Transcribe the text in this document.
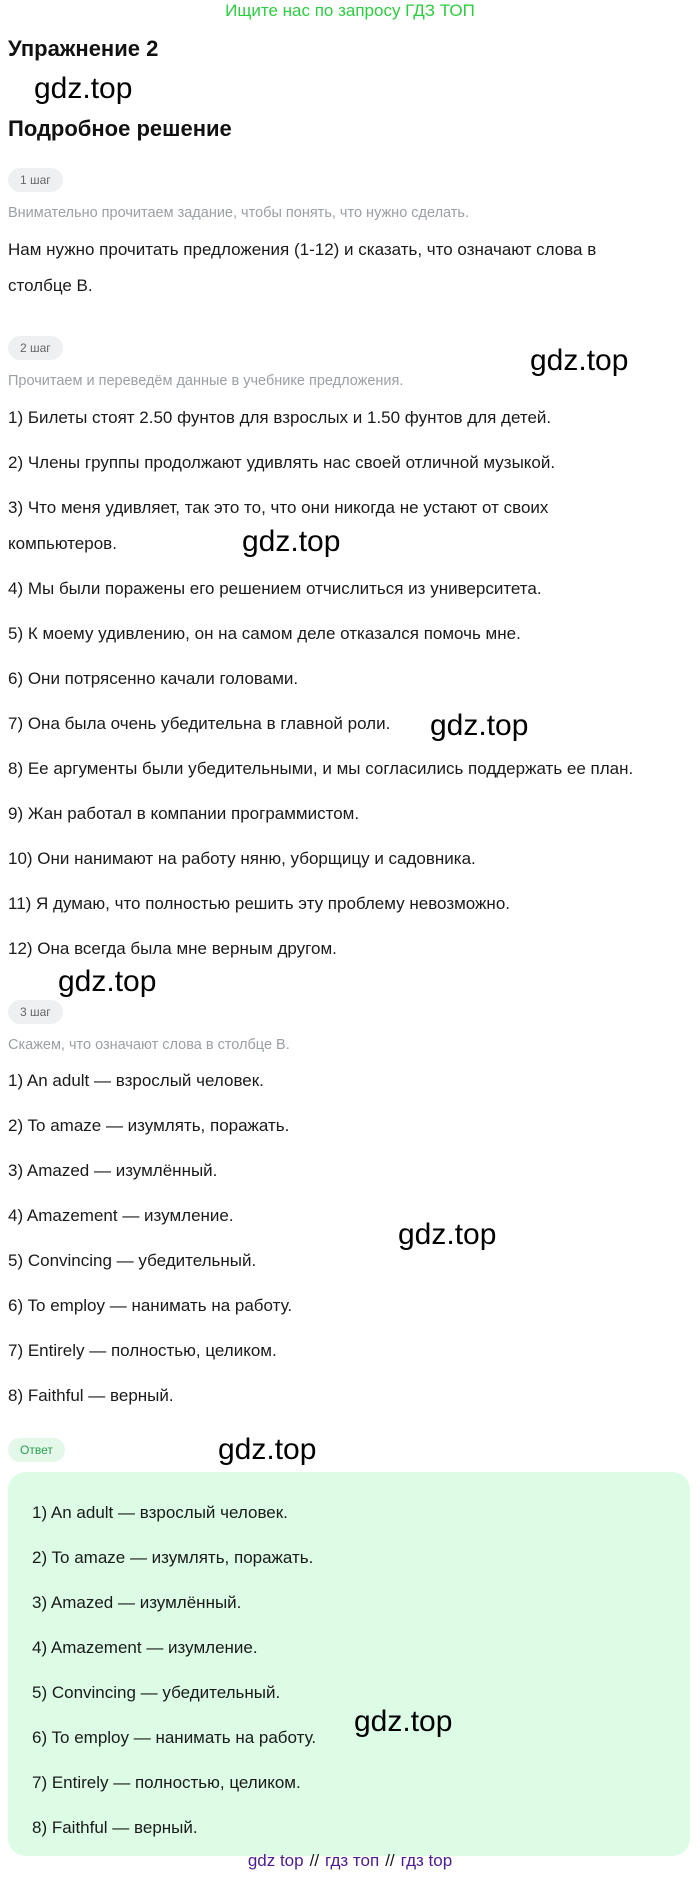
Ищите нас по запросу ГДЗ ТОП
Упражнение 2
gdz.top
Подробное решение
1 шаг
Внимательно прочитаем задание, чтобы понять, что нужно сделать.
Нам нужно прочитать предложения (1-12) и сказать, что означают слова в
столбце B.
2 шаг	gdz.top
Прочитаем и переведём данные в учебнике предложения.
1) Билеты стоят 2.50 фунтов для взрослых и 1.50 фунтов для детей.
2) Члены группы продолжают удивлять нас своей отличной музыкой.
3) Что меня удивляет, так это то, что они никогда не устают от своих
компьютеров.	gdz.top
4) Мы были поражены его решением отчислиться из университета.
5) К моему удивлению, он на самом деле отказался помочь мне.
6) Они потрясенно качали головами.
7) Она была очень убедительна в главной роли. gdz.top
8) Ее аргументы были убедительными, и мы согласились поддержать ее план.
9) Жан работал в компании программистом.
10) Они нанимают на работу няню, уборщицу и садовника.
11) Я думаю, что полностью решить эту проблему невозможно.
12) Она всегда была мне верным другом.
gdz.top
3 шаг
Скажем, что означают слова в столбце B.
1) An adult — взрослый человек.
2) To amaze — изумлять, поражать.
3) Amazed — изумлённый.
4) Amazement — изумление.
gdz.top
5) Convincing — убедительный.
6) To employ — нанимать на работу.
7) Entirely — полностью, целиком.
8) Faithful — верный.
Ответ	gdz.top
1) An adult — взрослый человек.
2) To amaze — изумлять, поражать.
3) Amazed — изумлённый.
4) Amazement — изумление.
5) Convincing — убедительный.
6) To employ — нанимать на работу.
7) Entirely — полностью, целиком.
8) Faithful — верный.
gdz.top
gdz top // гдз топ // гдз top
